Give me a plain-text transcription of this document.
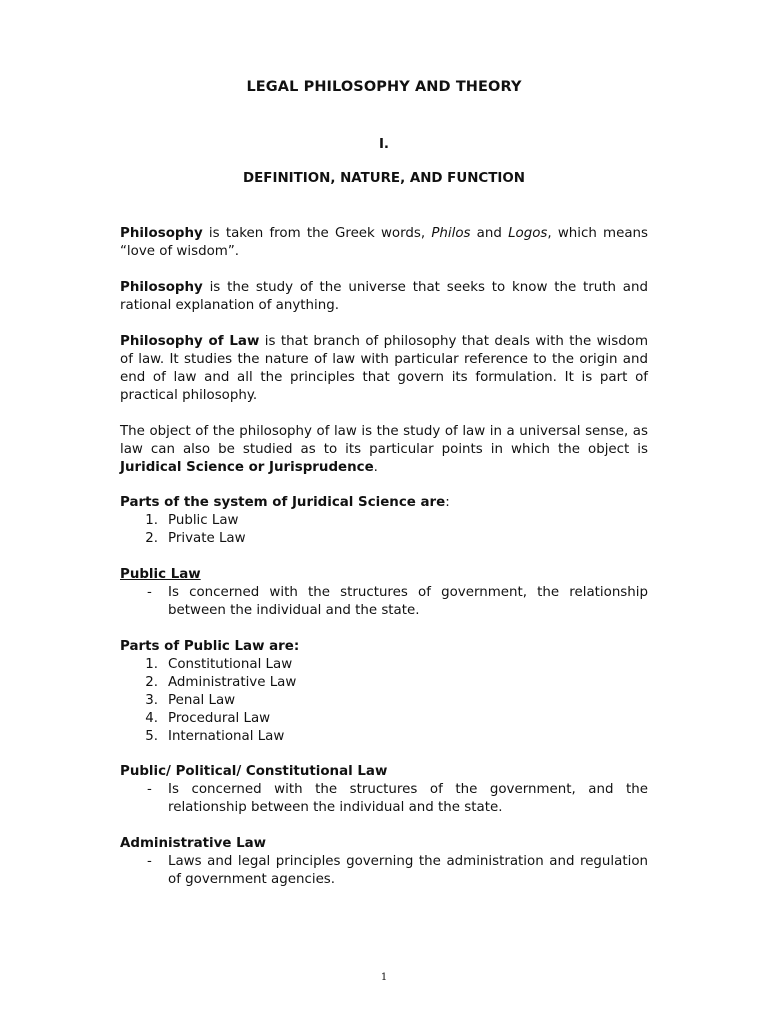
LEGAL PHILOSOPHY AND THEORY
I.
DEFINITION, NATURE, AND FUNCTION

Philosophy is taken from the Greek words, Philos and Logos, which means “love of wisdom”.

Philosophy is the study of the universe that seeks to know the truth and rational explanation of anything.

Philosophy of Law is that branch of philosophy that deals with the wisdom of law. It studies the nature of law with particular reference to the origin and end of law and all the principles that govern its formulation. It is part of practical philosophy.

The object of the philosophy of law is the study of law in a universal sense, as law can also be studied as to its particular points in which the object is Juridical Science or Jurisprudence.

Parts of the system of Juridical Science are:

1. Public Law
2. Private Law

Public Law

- Is concerned with the structures of government, the relationship between the individual and the state.

Parts of Public Law are:

1. Constitutional Law
2. Administrative Law
3. Penal Law
4. Procedural Law
5. International Law

Public/ Political/ Constitutional Law

- Is concerned with the structures of the government, and the relationship between the individual and the state.

Administrative Law

- Laws and legal principles governing the administration and regulation of government agencies.
1
